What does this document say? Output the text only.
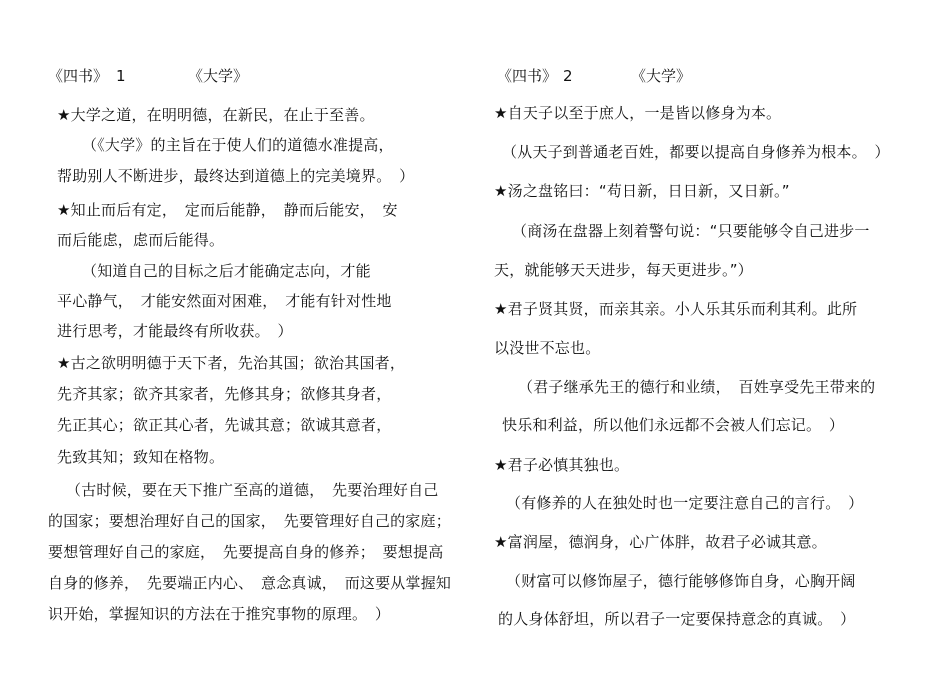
《四书》 1	《大学》
★大学之道，在明明德，在新民，在止于至善。
（《大学》的主旨在于使人们的道德水准提高，
帮助别人不断进步，最终达到道德上的完美境界。　）
★知止而后有定，　定而后能静，　静而后能安，　安
而后能虑，虑而后能得。
（知道自己的目标之后才能确定志向，才能
平心静气，　才能安然面对困难，　才能有针对性地
进行思考，才能最终有所收获。　）
★古之欲明明德于天下者，先治其国；欲治其国者，
先齐其家；欲齐其家者，先修其身；欲修其身者，
先正其心；欲正其心者，先诚其意；欲诚其意者，
先致其知；致知在格物。
（古时候，要在天下推广至高的道德，　先要治理好自己
的国家；要想治理好自己的国家，　先要管理好自己的家庭；
要想管理好自己的家庭，　先要提高自身的修养；　要想提高
自身的修养，　先要端正内心、　意念真诚，　而这要从掌握知
识开始，掌握知识的方法在于推究事物的原理。　）
《四书》 2	《大学》
★自天子以至于庶人，一是皆以修身为本。
（从天子到普通老百姓，都要以提高自身修养为根本。　）
★汤之盘铭曰：“苟日新，日日新，又日新。”
（商汤在盘器上刻着警句说：“只要能够令自己进步一
天，就能够天天进步，每天更进步。”）
★君子贤其贤，而亲其亲。小人乐其乐而利其利。此所
以没世不忘也。
（君子继承先王的德行和业绩，　百姓享受先王带来的
快乐和利益，所以他们永远都不会被人们忘记。　）
★君子必慎其独也。
（有修养的人在独处时也一定要注意自己的言行。　）
★富润屋，德润身，心广体胖，故君子必诚其意。
（财富可以修饰屋子，德行能够修饰自身，心胸开阔
的人身体舒坦，所以君子一定要保持意念的真诚。　）
